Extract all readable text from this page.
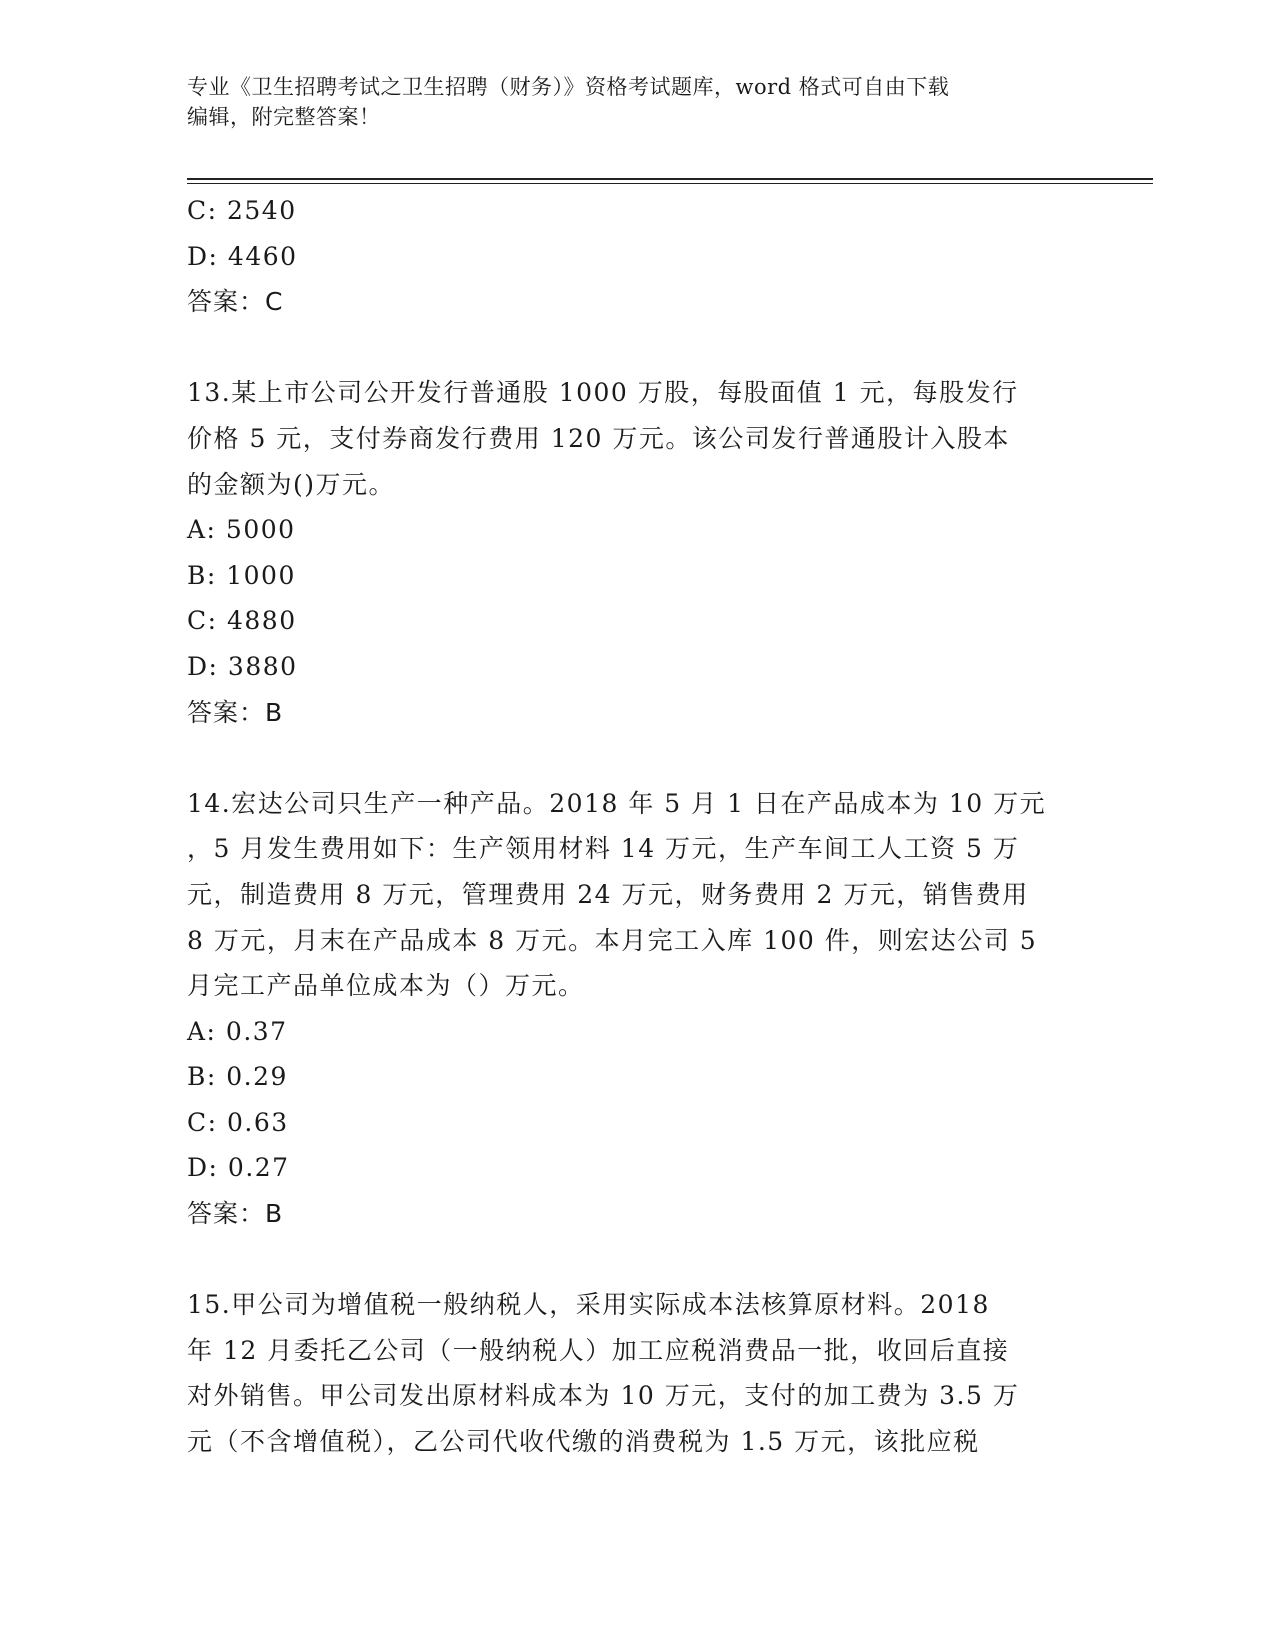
专业《卫生招聘考试之卫生招聘（财务）》资格考试题库，word 格式可自由下载
编辑，附完整答案！
C: 2540
D: 4460
答案：C
13.某上市公司公开发行普通股 1000 万股，每股面值 1 元，每股发行
价格 5 元，支付券商发行费用 120 万元。该公司发行普通股计入股本
的金额为()万元。
A: 5000
B: 1000
C: 4880
D: 3880
答案：B
14.宏达公司只生产一种产品。2018 年 5 月 1 日在产品成本为 10 万元
，5 月发生费用如下：生产领用材料 14 万元，生产车间工人工资 5 万
元，制造费用 8 万元，管理费用 24 万元，财务费用 2 万元，销售费用
8 万元，月末在产品成本 8 万元。本月完工入库 100 件，则宏达公司 5
月完工产品单位成本为（）万元。
A: 0.37
B: 0.29
C: 0.63
D: 0.27
答案：B
15.甲公司为增值税一般纳税人，采用实际成本法核算原材料。2018
年 12 月委托乙公司（一般纳税人）加工应税消费品一批，收回后直接
对外销售。甲公司发出原材料成本为 10 万元，支付的加工费为 3.5 万
元（不含增值税），乙公司代收代缴的消费税为 1.5 万元，该批应税
